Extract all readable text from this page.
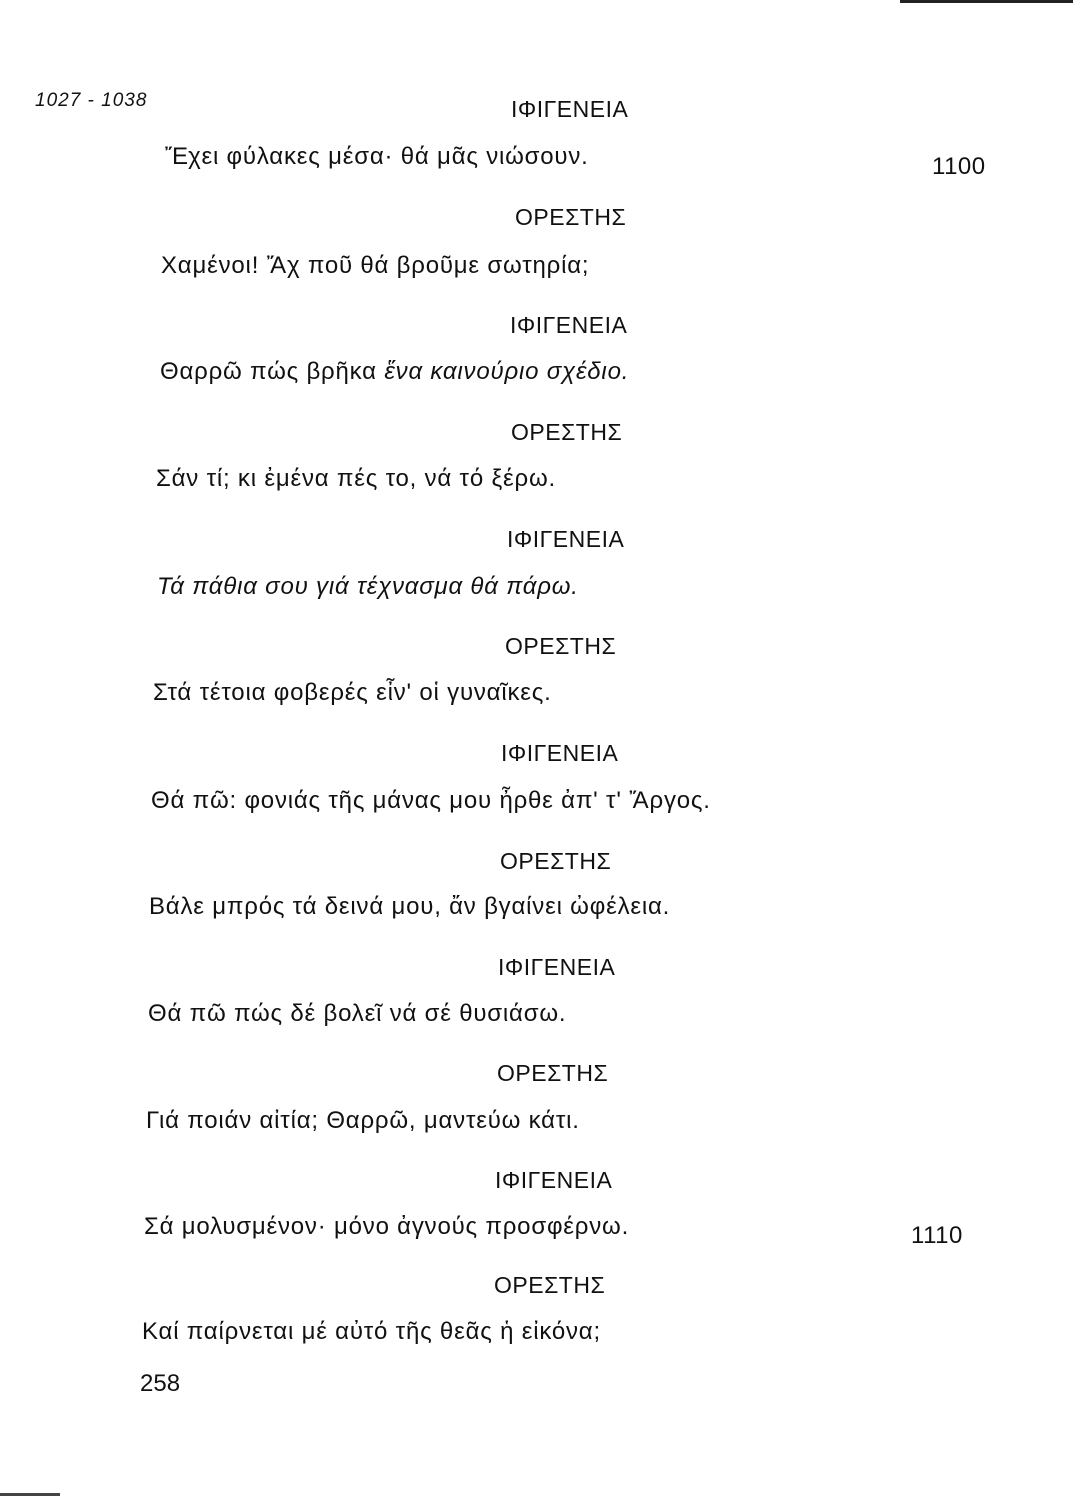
1027 - 1038	ΙΦΙΓΕΝΕΙΑ
Ἔχει φύλακες μέσα· θά μᾶς νιώσουν.	1100
ΟΡΕΣΤΗΣ
Χαμένοι! Ἄχ ποῦ θά βροῦμε σωτηρία;
ΙΦΙΓΕΝΕΙΑ
Θαρρῶ πώς βρῆκα ἕνα καινούριο σχέδιο.
ΟΡΕΣΤΗΣ
Σάν τί; κι ἐμένα πές το, νά τό ξέρω.
ΙΦΙΓΕΝΕΙΑ
Τά πάθια σου γιά τέχνασμα θά πάρω.
ΟΡΕΣΤΗΣ
Στά τέτοια φοβερές εἶν' οἱ γυναῖκες.
ΙΦΙΓΕΝΕΙΑ
Θά πῶ: φονιάς τῆς μάνας μου ἦρθε ἀπ' τ' Ἄργος.
ΟΡΕΣΤΗΣ
Βάλε μπρός τά δεινά μου, ἄν βγαίνει ὠφέλεια.
ΙΦΙΓΕΝΕΙΑ
Θά πῶ πώς δέ βολεῖ νά σέ θυσιάσω.
ΟΡΕΣΤΗΣ
Γιά ποιάν αἰτία; Θαρρῶ, μαντεύω κάτι.
ΙΦΙΓΕΝΕΙΑ
Σά μολυσμένον· μόνο ἀγνούς προσφέρνω.	1110
ΟΡΕΣΤΗΣ
Καί παίρνεται μέ αὐτό τῆς θεᾶς ἡ εἰκόνα;
258
